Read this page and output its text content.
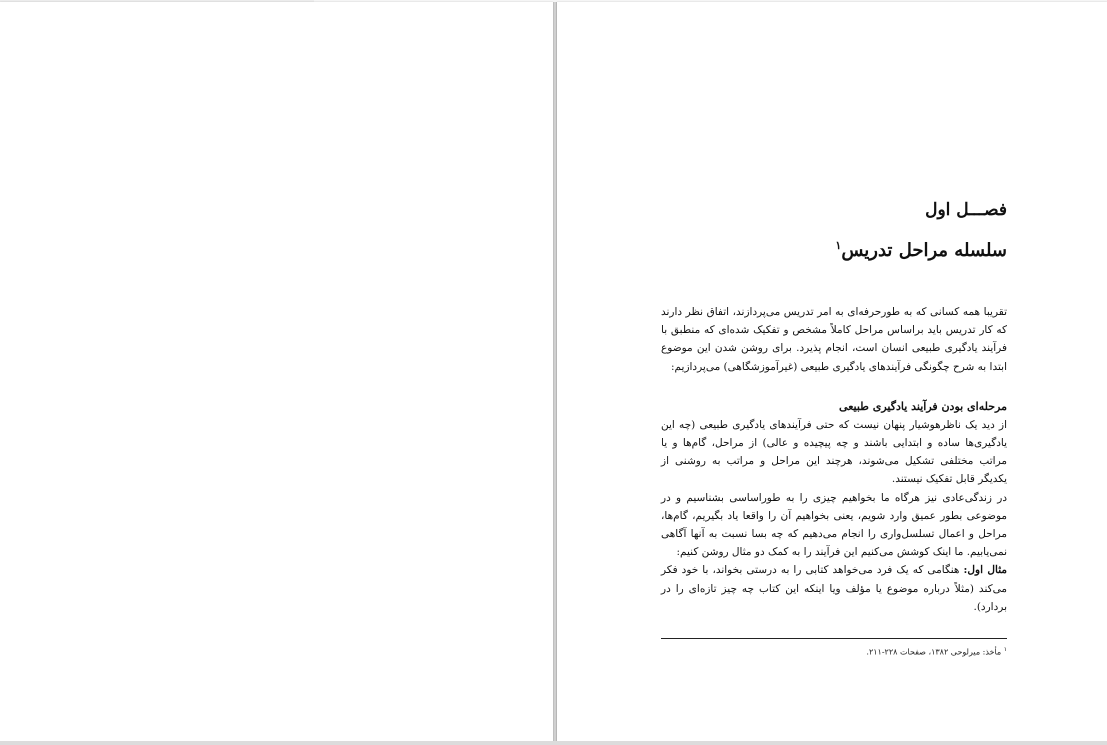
فصـــل اول
سلسله مراحل تدریس$^۱$

تقریبا همه کسانی که به طورحرفه‌ای به امر تدریس می‌پردازند، اتفاق نظر دارند که کار تدریس باید براساس مراحل کاملاً مشخص و تفکیک شده‌ای که منطبق با فرآیند یادگیری طبیعی انسان است، انجام پذیرد. برای روشن شدن این موضوع ابتدا به شرح چگونگی فرآیندهای یادگیری طبیعی (غیرآموزشگاهی) می‌پردازیم:

مرحله‌ای بودن فرآیند یادگیری طبیعی

از دید یک ناظرهوشیار پنهان نیست که حتی فرآیندهای یادگیری طبیعی (چه این یادگیری‌ها ساده و ابتدایی باشند و چه پیچیده و عالی) از مراحل، گام‌ها و یا مراتب مختلفی تشکیل می‌شوند، هرچند این مراحل و مراتب به روشنی از یکدیگر قابل تفکیک نیستند.

در زندگی‌عادی نیز هرگاه ما بخواهیم چیزی را به طوراساسی بشناسیم و در موضوعی بطور عمیق وارد شویم، یعنی بخواهیم آن را واقعا یاد بگیریم، گام‌ها، مراحل و اعمال تسلسل‌واری را انجام می‌دهیم که چه بسا نسبت به آنها آگاهی نمی‌یابیم. ما اینک کوشش می‌کنیم این فرآیند را به کمک دو مثال روشن کنیم:

مثال اول: هنگامی که یک فرد می‌خواهد کتابی را به درستی بخواند، با خود فکر می‌کند (مثلاً درباره موضوع یا مؤلف ویا اینکه این کتاب چه چیز تازه‌ای را در بردارد).

$^۱$ مأخذ: میرلوحی ۱۳۸۲، صفحات ۲۲۸-۲۱۱.
